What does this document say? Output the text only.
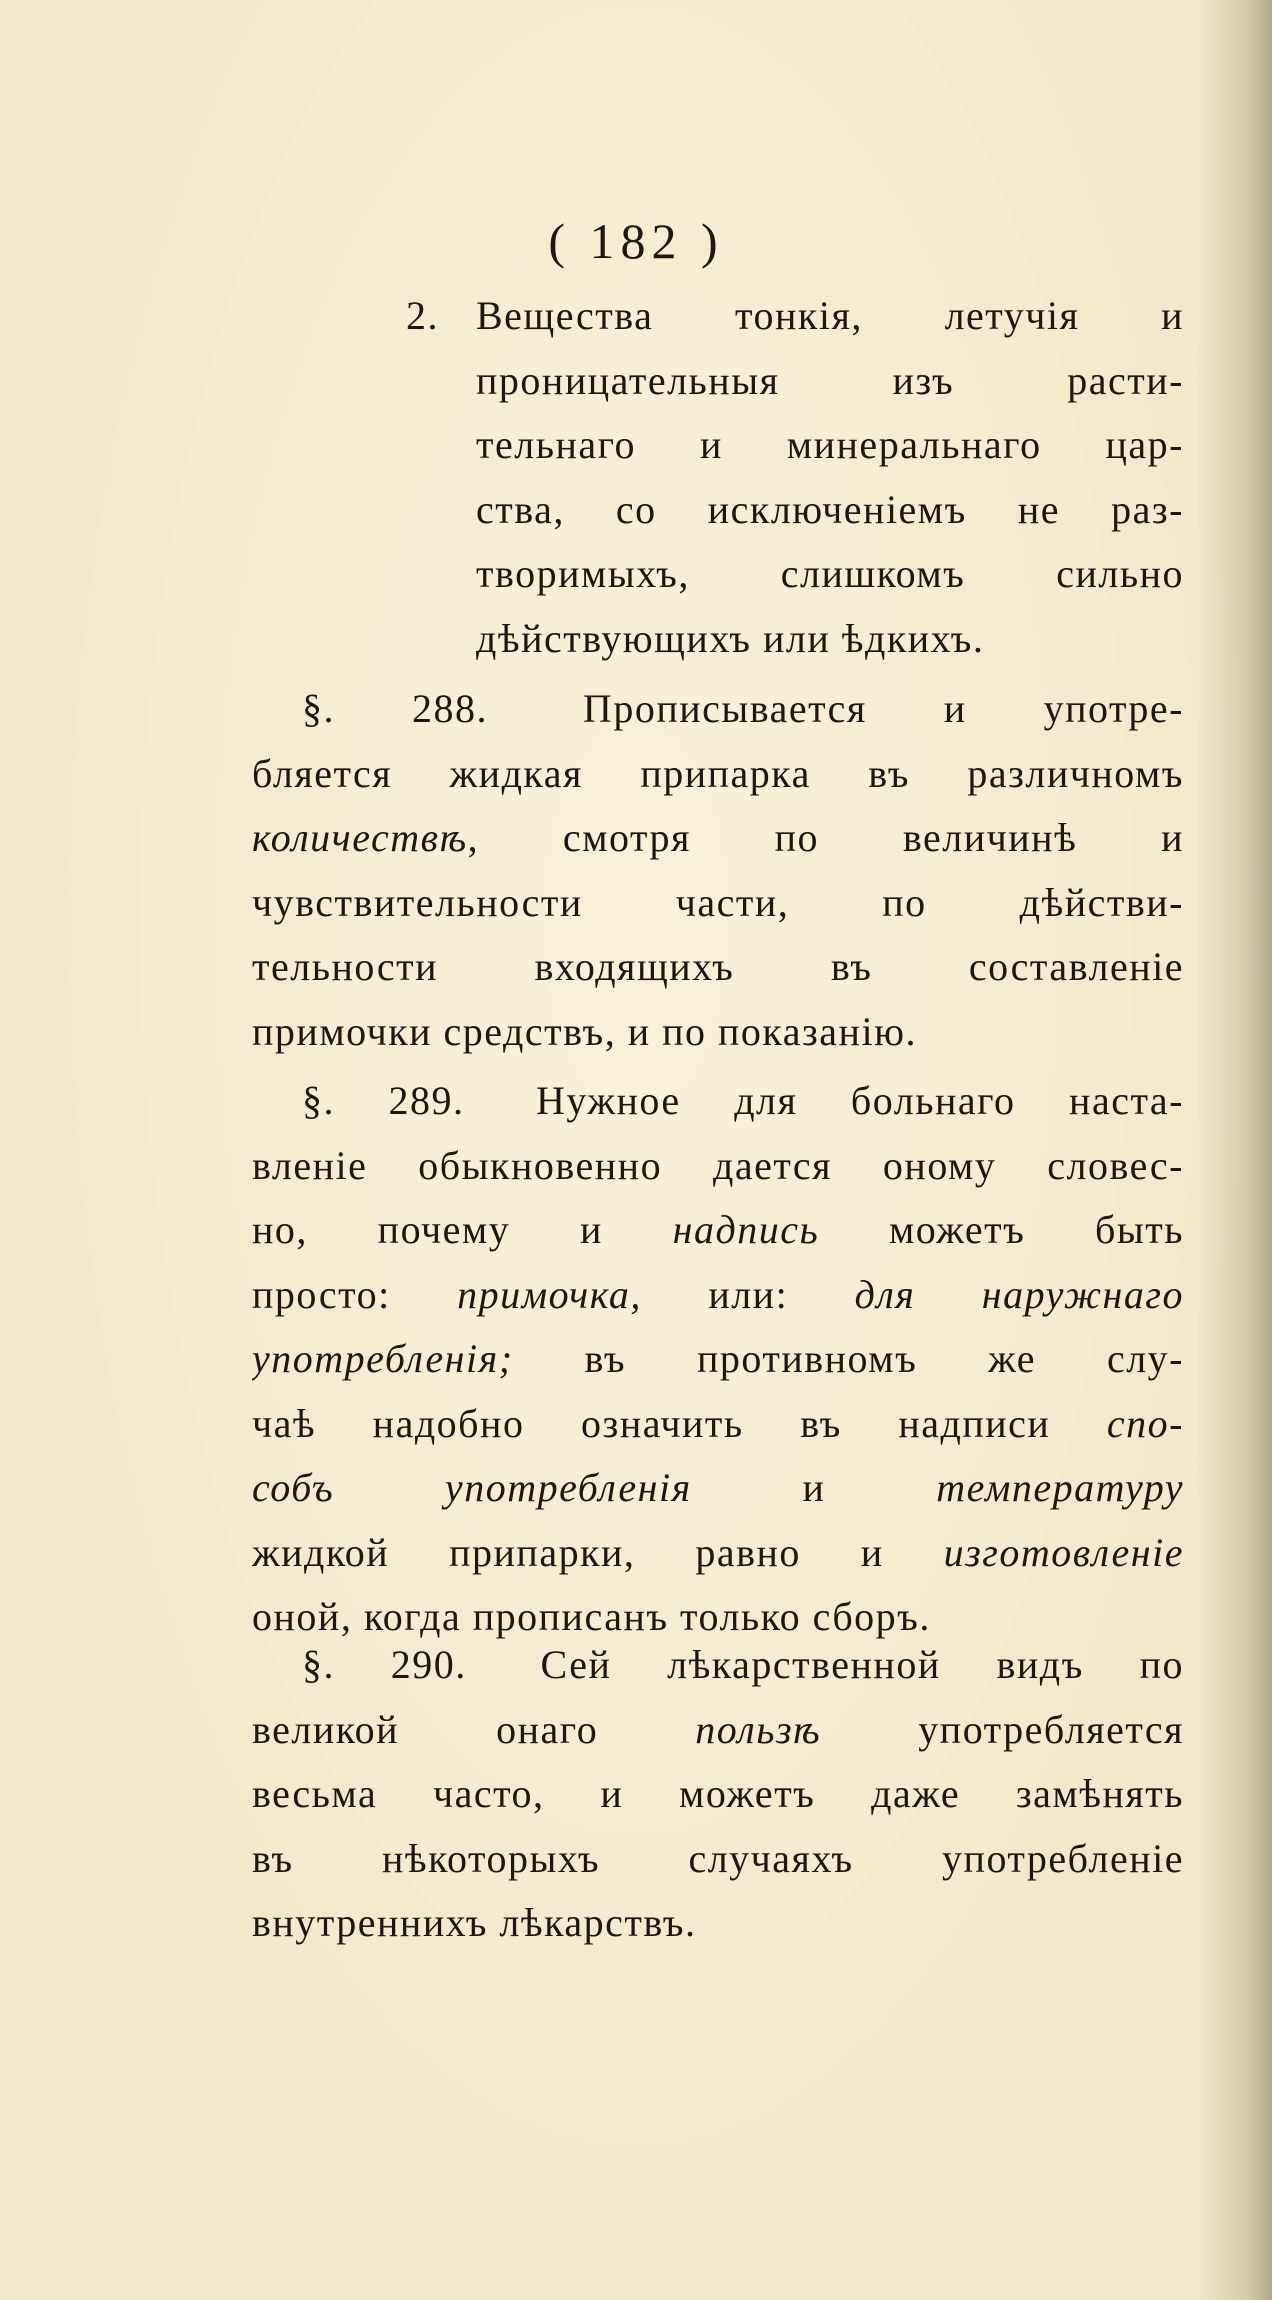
( 182 )
2. Вещества тонкія, летучія и
проницательныя изъ расти-
тельнаго и минеральнаго цар-
ства, со исключеніемъ не раз-
творимыхъ, слишкомъ сильно
дѣйствующихъ или ѣдкихъ.
§. 288. Прописывается и употре-
бляется жидкая припарка въ различномъ
количествѣ, смотря по величинѣ и
чувствительности части, по дѣйстви-
тельности входящихъ въ составленіе
примочки средствъ, и по показанію.
§. 289. Нужное для больнаго наста-
вленіе обыкновенно дается оному словес-
но, почему и надпись можетъ быть
просто: примочка, или: для наружнаго
употребленія; въ противномъ же слу-
чаѣ надобно означить въ надписи спо-
собъ употребленія и температуру
жидкой припарки, равно и изготовленіе
оной, когда прописанъ только сборъ.
§. 290. Сей лѣкарственной видъ по
великой онаго пользѣ употребляется
весьма часто, и можетъ даже замѣнять
въ нѣкоторыхъ случаяхъ употребленіе
внутреннихъ лѣкарствъ.
